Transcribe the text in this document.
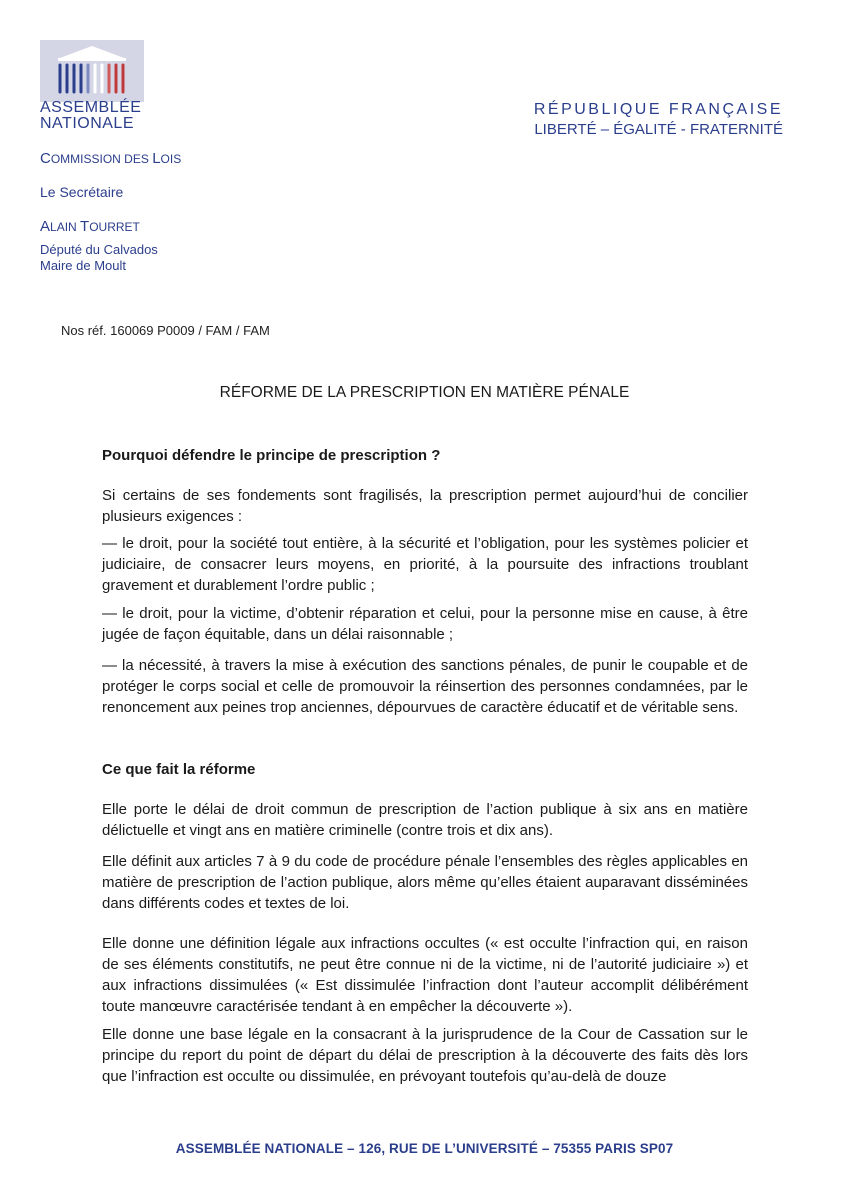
ASSEMBLÉE
NATIONALE
RÉPUBLIQUE FRANÇAISE
LIBERTÉ – ÉGALITÉ - FRATERNITÉ
COMMISSION DES LOIS
Le Secrétaire
ALAIN TOURRET
Député du Calvados
Maire de Moult
Nos réf. 160069 P0009 / FAM / FAM
RÉFORME DE LA PRESCRIPTION EN MATIÈRE PÉNALE

Pourquoi défendre le principe de prescription ?

Si certains de ses fondements sont fragilisés, la prescription permet aujourd’hui de concilier plusieurs exigences :

— le droit, pour la société tout entière, à la sécurité et l’obligation, pour les systèmes policier et judiciaire, de consacrer leurs moyens, en priorité, à la poursuite des infractions troublant gravement et durablement l’ordre public ;

— le droit, pour la victime, d’obtenir réparation et celui, pour la personne mise en cause, à être jugée de façon équitable, dans un délai raisonnable ;

— la nécessité, à travers la mise à exécution des sanctions pénales, de punir le coupable et de protéger le corps social et celle de promouvoir la réinsertion des personnes condamnées, par le renoncement aux peines trop anciennes, dépourvues de caractère éducatif et de véritable sens.

Ce que fait la réforme

Elle porte le délai de droit commun de prescription de l’action publique à six ans en matière délictuelle et vingt ans en matière criminelle (contre trois et dix ans).

Elle définit aux articles 7 à 9 du code de procédure pénale l’ensembles des règles applicables en matière de prescription de l’action publique, alors même qu’elles étaient auparavant disséminées dans différents codes et textes de loi.

Elle donne une définition légale aux infractions occultes (« est occulte l’infraction qui, en raison de ses éléments constitutifs, ne peut être connue ni de la victime, ni de l’autorité judiciaire ») et aux infractions dissimulées (« Est dissimulée l’infraction dont l’auteur accomplit délibérément toute manœuvre caractérisée tendant à en empêcher la découverte »).

Elle donne une base légale en la consacrant à la jurisprudence de la Cour de Cassation sur le principe du report du point de départ du délai de prescription à la découverte des faits dès lors que l’infraction est occulte ou dissimulée, en prévoyant toutefois qu’au-delà de douze

ASSEMBLÉE NATIONALE – 126, RUE DE L’UNIVERSITÉ – 75355 PARIS SP07
